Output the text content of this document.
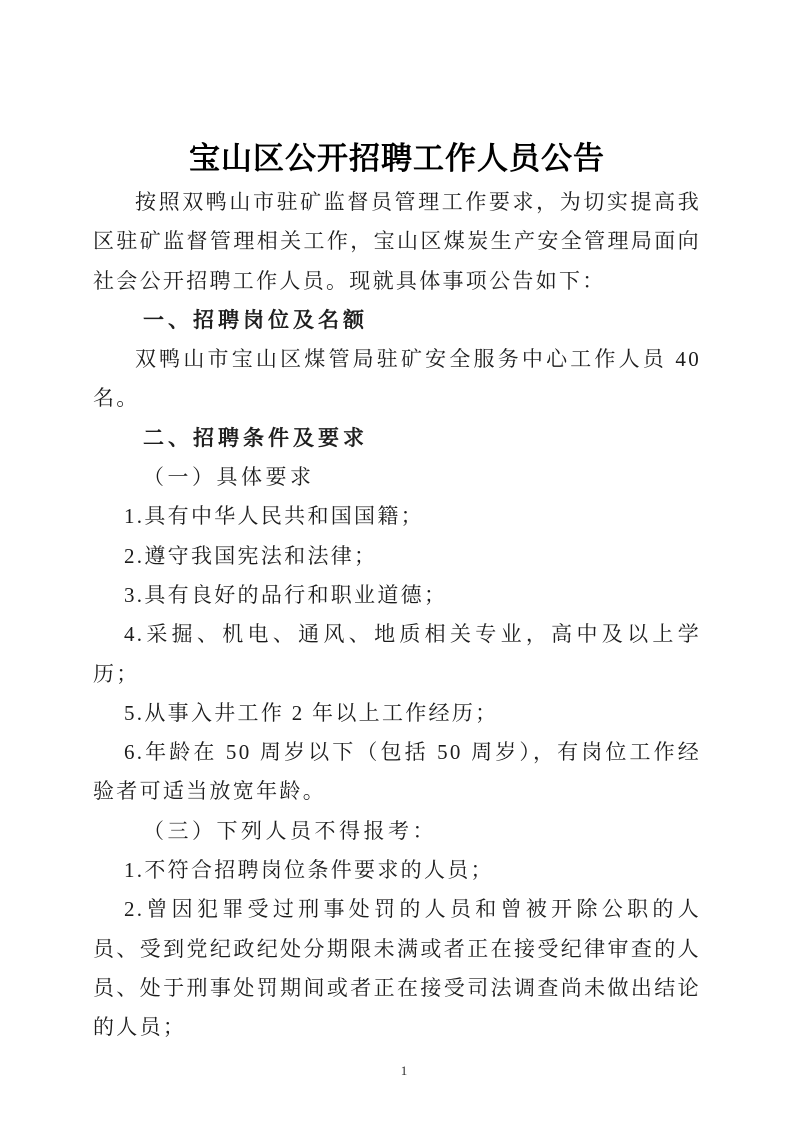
宝山区公开招聘工作人员公告

按照双鸭山市驻矿监督员管理工作要求，为切实提高我区驻矿监督管理相关工作，宝山区煤炭生产安全管理局面向社会公开招聘工作人员。现就具体事项公告如下：

一、招聘岗位及名额

双鸭山市宝山区煤管局驻矿安全服务中心工作人员 40 名。

二、招聘条件及要求

（一）具体要求

1.具有中华人民共和国国籍；

2.遵守我国宪法和法律；

3.具有良好的品行和职业道德；

4.采掘、机电、通风、地质相关专业，高中及以上学历；

5.从事入井工作 2 年以上工作经历；

6.年龄在 50 周岁以下（包括 50 周岁），有岗位工作经验者可适当放宽年龄。

（三）下列人员不得报考：

1.不符合招聘岗位条件要求的人员；

2.曾因犯罪受过刑事处罚的人员和曾被开除公职的人员、受到党纪政纪处分期限未满或者正在接受纪律审查的人员、处于刑事处罚期间或者正在接受司法调查尚未做出结论的人员；

1
